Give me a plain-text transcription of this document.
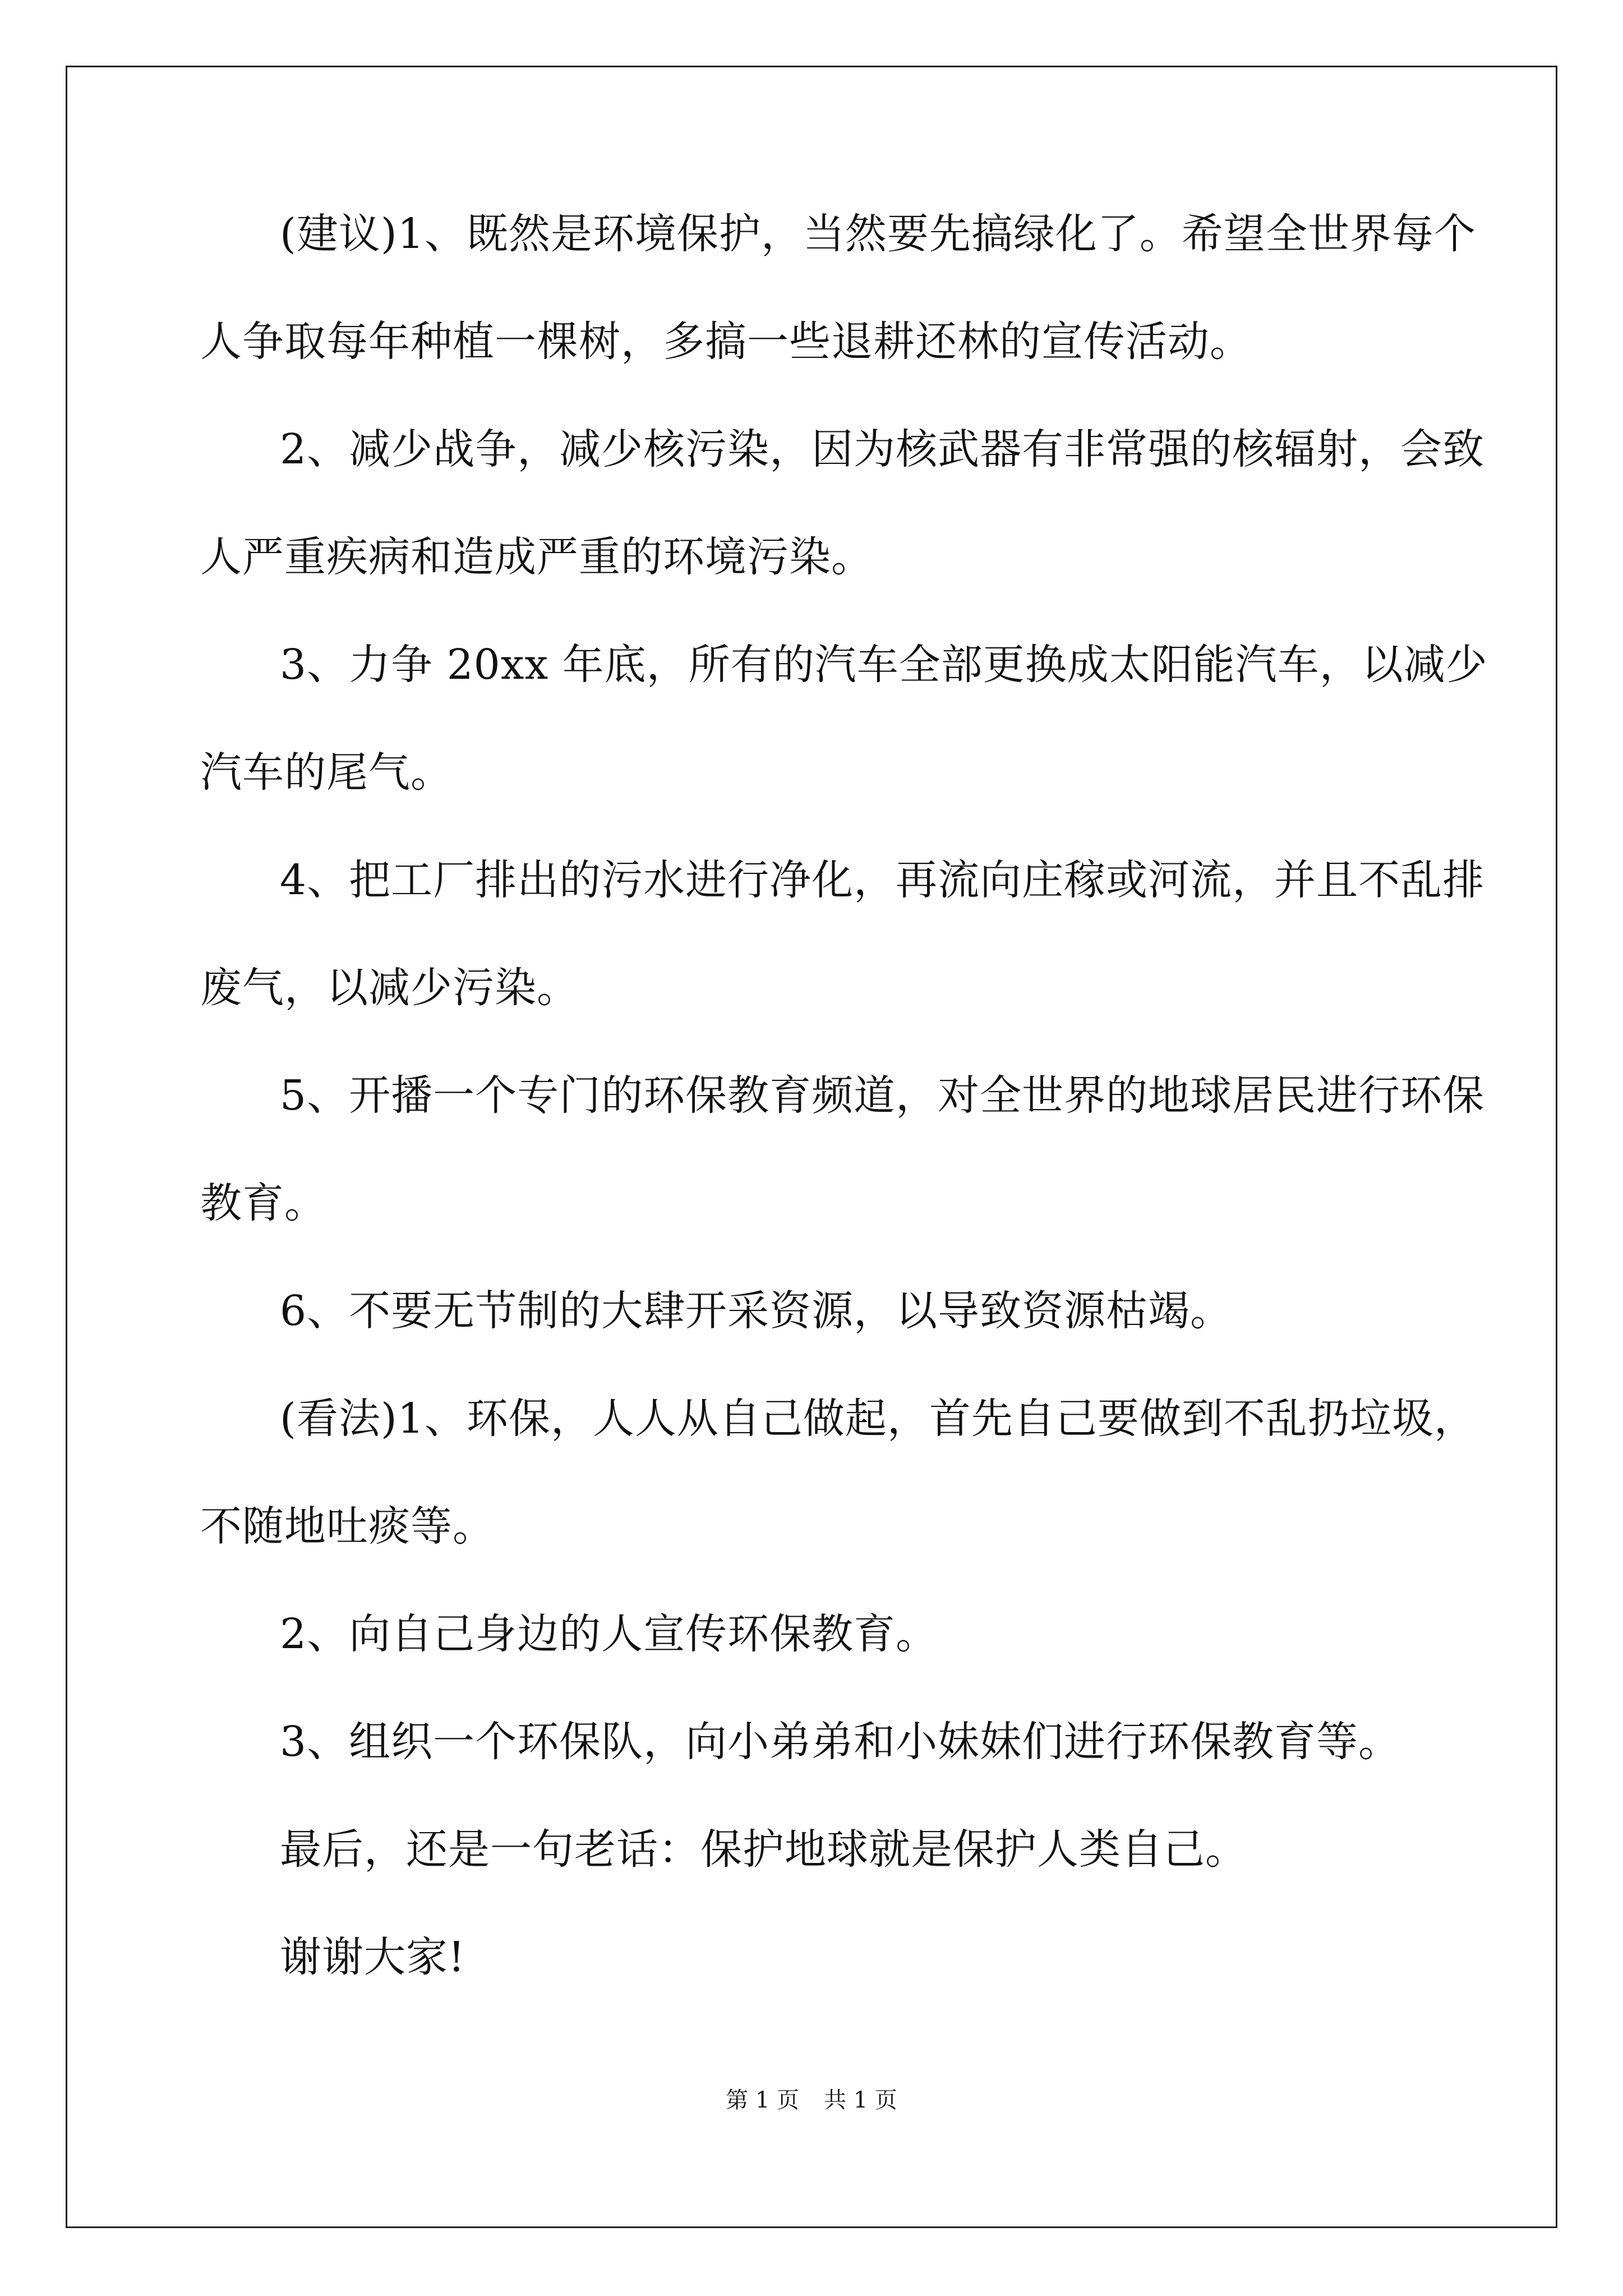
(建议)1、既然是环境保护，当然要先搞绿化了。希望全世界每个
人争取每年种植一棵树，多搞一些退耕还林的宣传活动。
2、减少战争，减少核污染，因为核武器有非常强的核辐射，会致
人严重疾病和造成严重的环境污染。
3、力争 20xx 年底，所有的汽车全部更换成太阳能汽车，以减少
汽车的尾气。
4、把工厂排出的污水进行净化，再流向庄稼或河流，并且不乱排
废气，以减少污染。
5、开播一个专门的环保教育频道，对全世界的地球居民进行环保
教育。
6、不要无节制的大肆开采资源，以导致资源枯竭。
(看法)1、环保，人人从自己做起，首先自己要做到不乱扔垃圾，
不随地吐痰等。
2、向自己身边的人宣传环保教育。
3、组织一个环保队，向小弟弟和小妹妹们进行环保教育等。
最后，还是一句老话：保护地球就是保护人类自己。
谢谢大家!
第 1 页 共 1 页
